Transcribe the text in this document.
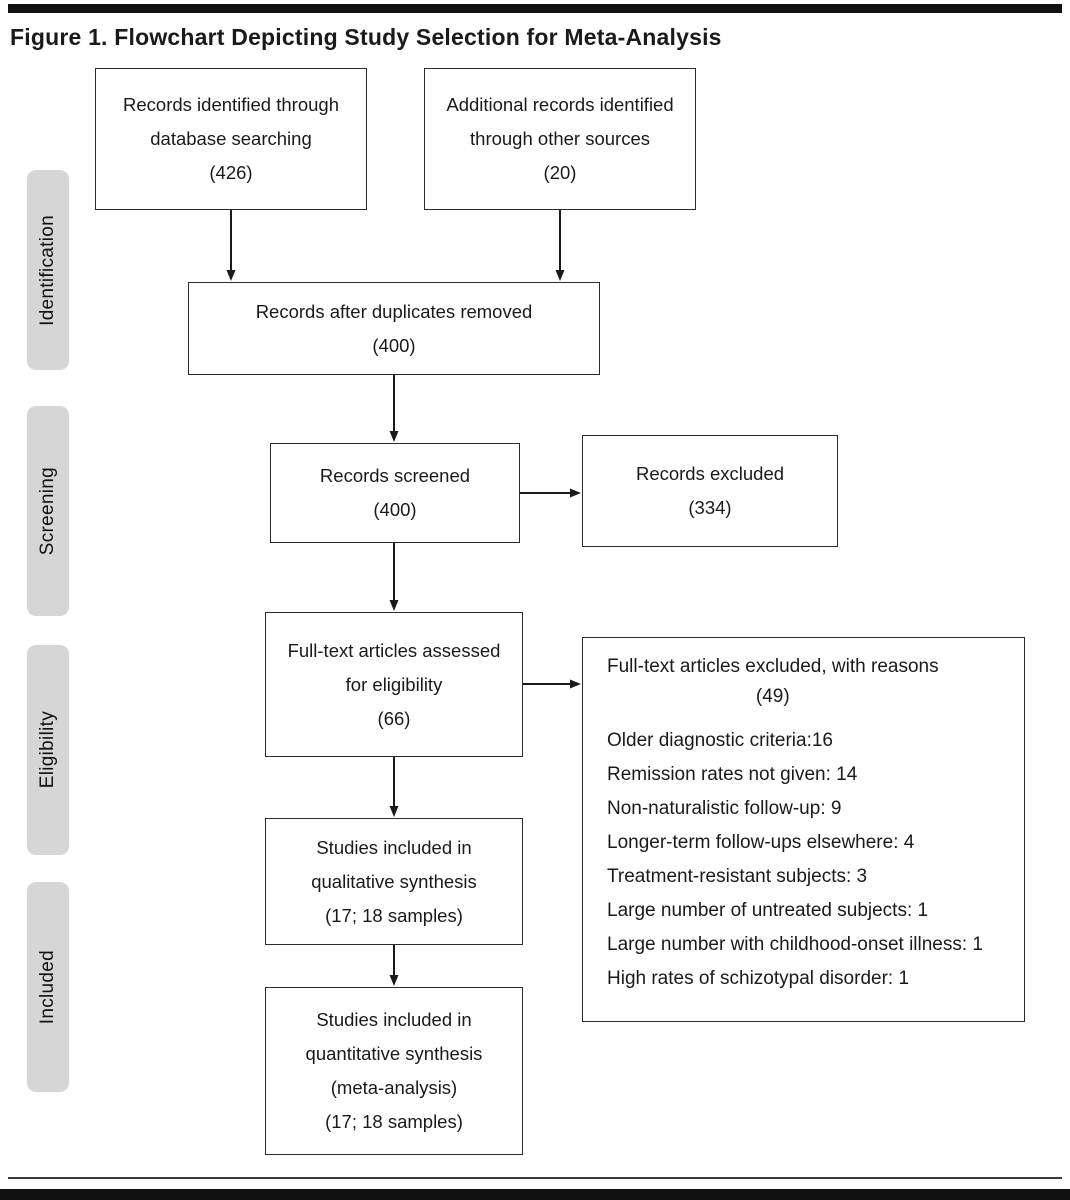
Figure 1. Flowchart Depicting Study Selection for Meta-Analysis
Identification
Screening
Eligibility
Included
Records identified through
database searching
(426)
Additional records identified
through other sources
(20)
Records after duplicates removed
(400)
Records screened
(400)
Records excluded
(334)
Full-text articles assessed
for eligibility
(66)
Full-text articles excluded, with reasons
(49)
Older diagnostic criteria:16
Remission rates not given: 14
Non-naturalistic follow-up: 9
Longer-term follow-ups elsewhere: 4
Treatment-resistant subjects: 3
Large number of untreated subjects: 1
Large number with childhood-onset illness: 1
High rates of schizotypal disorder: 1
Studies included in
qualitative synthesis
(17; 18 samples)
Studies included in
quantitative synthesis
(meta-analysis)
(17; 18 samples)
